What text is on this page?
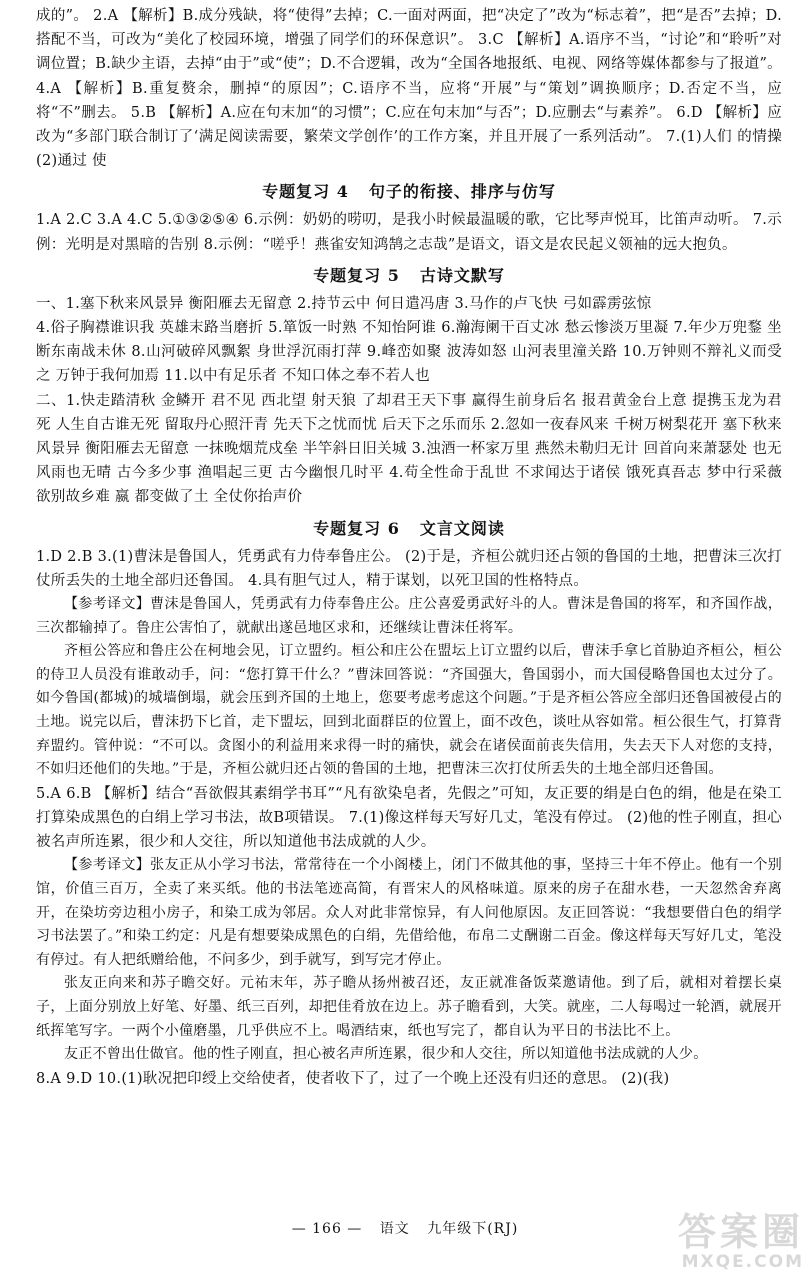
成的”。 2.A 【解析】B.成分残缺，将“使得”去掉；C.一面对两面，把“决定了”改为“标志着”，把“是否”去掉；D.搭配不当，可改为“美化了校园环境，增强了同学们的环保意识”。 3.C 【解析】A.语序不当，“讨论”和“聆听”对调位置；B.缺少主语，去掉“由于”或“使”；D.不合逻辑，改为“全国各地报纸、电视、网络等媒体都参与了报道”。 4.A 【解析】B.重复赘余，删掉“的原因”；C.语序不当，应将“开展”与“策划”调换顺序；D.否定不当，应将“不”删去。 5.B 【解析】A.应在句末加“的习惯”；C.应在句末加“与否”；D.应删去“与素养”。 6.D 【解析】应改为“多部门联合制订了‘满足阅读需要，繁荣文学创作’的工作方案，并且开展了一系列活动”。 7.(1)人们 的情操 (2)通过 使

专题复习 4 句子的衔接、排序与仿写

1.A 2.C 3.A 4.C 5.①③②⑤④ 6.示例：奶奶的唠叨，是我小时候最温暖的歌，它比琴声悦耳，比笛声动听。 7.示例：光明是对黑暗的告别 8.示例：“嗟乎！燕雀安知鸿鹄之志哉”是语文，语文是农民起义领袖的远大抱负。

专题复习 5 古诗文默写

一、1.塞下秋来风景异 衡阳雁去无留意 2.持节云中 何日遣冯唐 3.马作的卢飞快 弓如霹雳弦惊

4.俗子胸襟谁识我 英雄末路当磨折 5.箪饭一时熟 不知怡阿谁 6.瀚海阑干百丈冰 愁云惨淡万里凝 7.年少万兜鍪 坐断东南战未休 8.山河破碎风飘絮 身世浮沉雨打萍 9.峰峦如聚 波涛如怒 山河表里潼关路 10.万钟则不辩礼义而受之 万钟于我何加焉 11.以中有足乐者 不知口体之奉不若人也

二、1.快走踏清秋 金鳞开 君不见 西北望 射天狼 了却君王天下事 赢得生前身后名 报君黄金台上意 提携玉龙为君死 人生自古谁无死 留取丹心照汗青 先天下之忧而忧 后天下之乐而乐 2.忽如一夜春风来 千树万树梨花开 塞下秋来风景异 衡阳雁去无留意 一抹晚烟荒戍垒 半竿斜日旧关城 3.浊酒一杯家万里 燕然未勒归无计 回首向来萧瑟处 也无风雨也无晴 古今多少事 渔唱起三更 古今幽恨几时平 4.苟全性命于乱世 不求闻达于诸侯 饿死真吾志 梦中行采薇 欲别故乡难 嬴 都变做了土 全仗你抬声价

专题复习 6 文言文阅读

1.D 2.B 3.(1)曹沫是鲁国人，凭勇武有力侍奉鲁庄公。 (2)于是，齐桓公就归还占领的鲁国的土地，把曹沫三次打仗所丢失的土地全部归还鲁国。 4.具有胆气过人，精于谋划，以死卫国的性格特点。

【参考译文】曹沫是鲁国人，凭勇武有力侍奉鲁庄公。庄公喜爱勇武好斗的人。曹沫是鲁国的将军，和齐国作战，三次都输掉了。鲁庄公害怕了，就献出遂邑地区求和，还继续让曹沫任将军。

齐桓公答应和鲁庄公在柯地会见，订立盟约。桓公和庄公在盟坛上订立盟约以后，曹沫手拿匕首胁迫齐桓公，桓公的侍卫人员没有谁敢动手，问：“您打算干什么？”曹沫回答说：“齐国强大，鲁国弱小，而大国侵略鲁国也太过分了。如今鲁国(都城)的城墙倒塌，就会压到齐国的土地上，您要考虑考虑这个问题。”于是齐桓公答应全部归还鲁国被侵占的土地。说完以后，曹沫扔下匕首，走下盟坛，回到北面群臣的位置上，面不改色，谈吐从容如常。桓公很生气，打算背弃盟约。管仲说：“不可以。贪图小的利益用来求得一时的痛快，就会在诸侯面前丧失信用，失去天下人对您的支持，不如归还他们的失地。”于是，齐桓公就归还占领的鲁国的土地，把曹沫三次打仗所丢失的土地全部归还鲁国。

5.A 6.B 【解析】结合“吾欲假其素绢学书耳”“凡有欲染皂者，先假之”可知，友正要的绢是白色的绢，他是在染工打算染成黑色的白绢上学习书法，故B项错误。 7.(1)像这样每天写好几丈，笔没有停过。 (2)他的性子刚直，担心被名声所连累，很少和人交往，所以知道他书法成就的人少。

【参考译文】张友正从小学习书法，常常待在一个小阁楼上，闭门不做其他的事，坚持三十年不停止。他有一个别馆，价值三百万，全卖了来买纸。他的书法笔迹高简，有晋宋人的风格味道。原来的房子在甜水巷，一天忽然舍弃离开，在染坊旁边租小房子，和染工成为邻居。众人对此非常惊异，有人问他原因。友正回答说：“我想要借白色的绢学习书法罢了。”和染工约定：凡是有想要染成黑色的白绢，先借给他，布帛二丈酬谢二百金。像这样每天写好几丈，笔没有停过。有人把纸赠给他，不问多少，到手就写，到写完才停止。

张友正向来和苏子瞻交好。元祐末年，苏子瞻从扬州被召还，友正就准备饭菜邀请他。到了后，就相对着摆长桌子，上面分别放上好笔、好墨、纸三百列，却把佳肴放在边上。苏子瞻看到，大笑。就座，二人每喝过一轮酒，就展开纸挥笔写字。一两个小僮磨墨，几乎供应不上。喝酒结束，纸也写完了，都自认为平日的书法比不上。

友正不曾出仕做官。他的性子刚直，担心被名声所连累，很少和人交往，所以知道他书法成就的人少。

8.A 9.D 10.(1)耿况把印绶上交给使者，使者收下了，过了一个晚上还没有归还的意思。 (2)(我)

— 166 — 语文 九年级下(RJ)	答案圈
MXQE.COM
